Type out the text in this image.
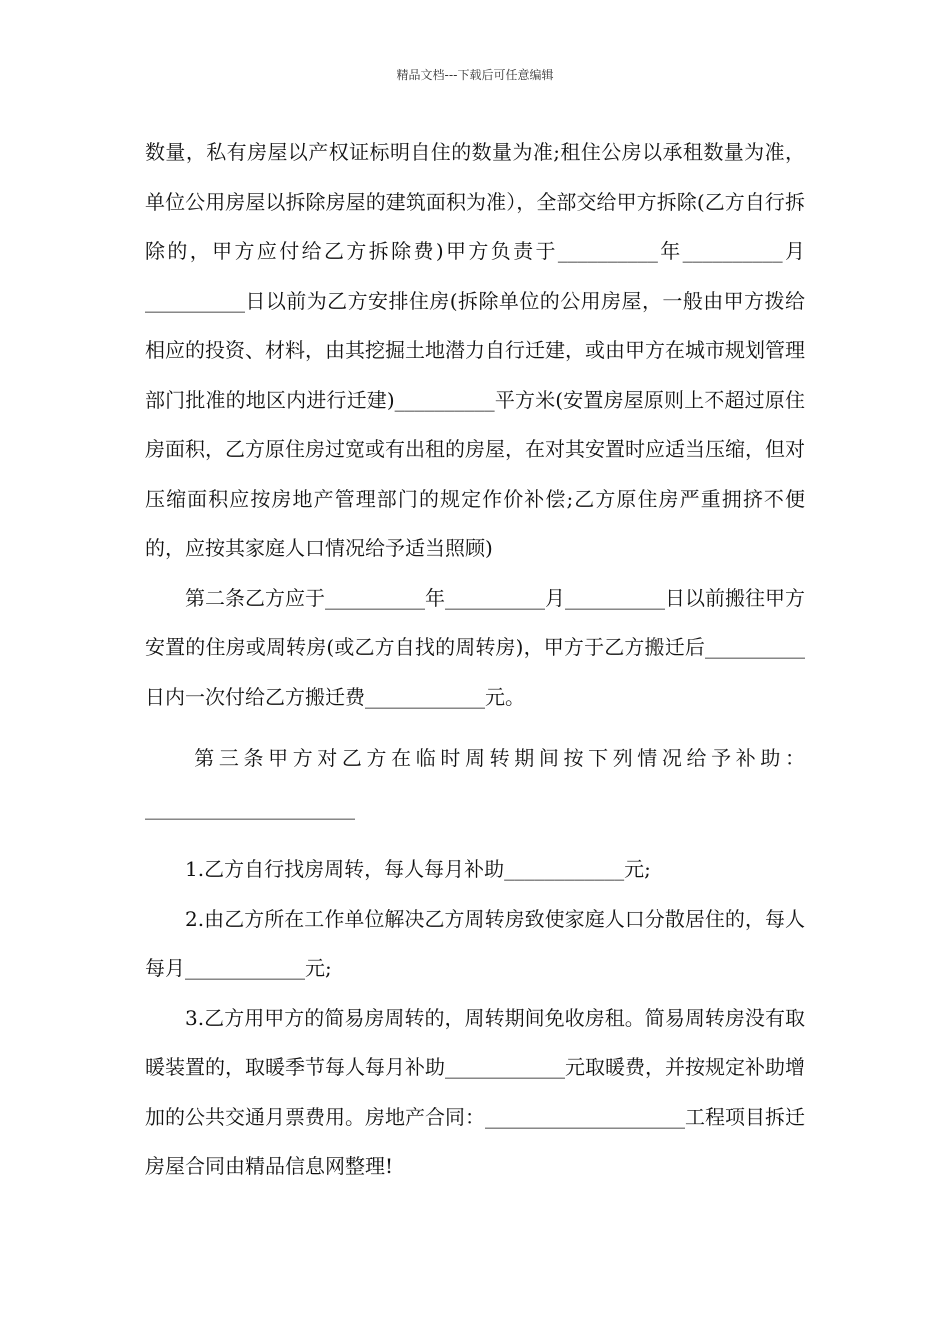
精品文档---下载后可任意编辑

数量，私有房屋以产权证标明自住的数量为准;租住公房以承租数量为准，单位公用房屋以拆除房屋的建筑面积为准），全部交给甲方拆除(乙方自行拆除的，甲方应付给乙方拆除费)甲方负责于__________年__________月__________日以前为乙方安排住房(拆除单位的公用房屋，一般由甲方拨给相应的投资、材料，由其挖掘土地潜力自行迁建，或由甲方在城市规划管理部门批准的地区内进行迁建)__________平方米(安置房屋原则上不超过原住房面积，乙方原住房过宽或有出租的房屋，在对其安置时应适当压缩，但对压缩面积应按房地产管理部门的规定作价补偿;乙方原住房严重拥挤不便的，应按其家庭人口情况给予适当照顾)

　　第二条乙方应于__________年__________月__________日以前搬往甲方安置的住房或周转房(或乙方自找的周转房)，甲方于乙方搬迁后__________日内一次付给乙方搬迁费____________元。

　　第三条甲方对乙方在临时周转期间按下列情况给予补助：_____________________

　　1.乙方自行找房周转，每人每月补助____________元;

　　2.由乙方所在工作单位解决乙方周转房致使家庭人口分散居住的，每人每月____________元;

　　3.乙方用甲方的简易房周转的，周转期间免收房租。简易周转房没有取暖装置的，取暖季节每人每月补助____________元取暖费，并按规定补助增加的公共交通月票费用。房地产合同：____________________工程项目拆迁房屋合同由精品信息网整理!
